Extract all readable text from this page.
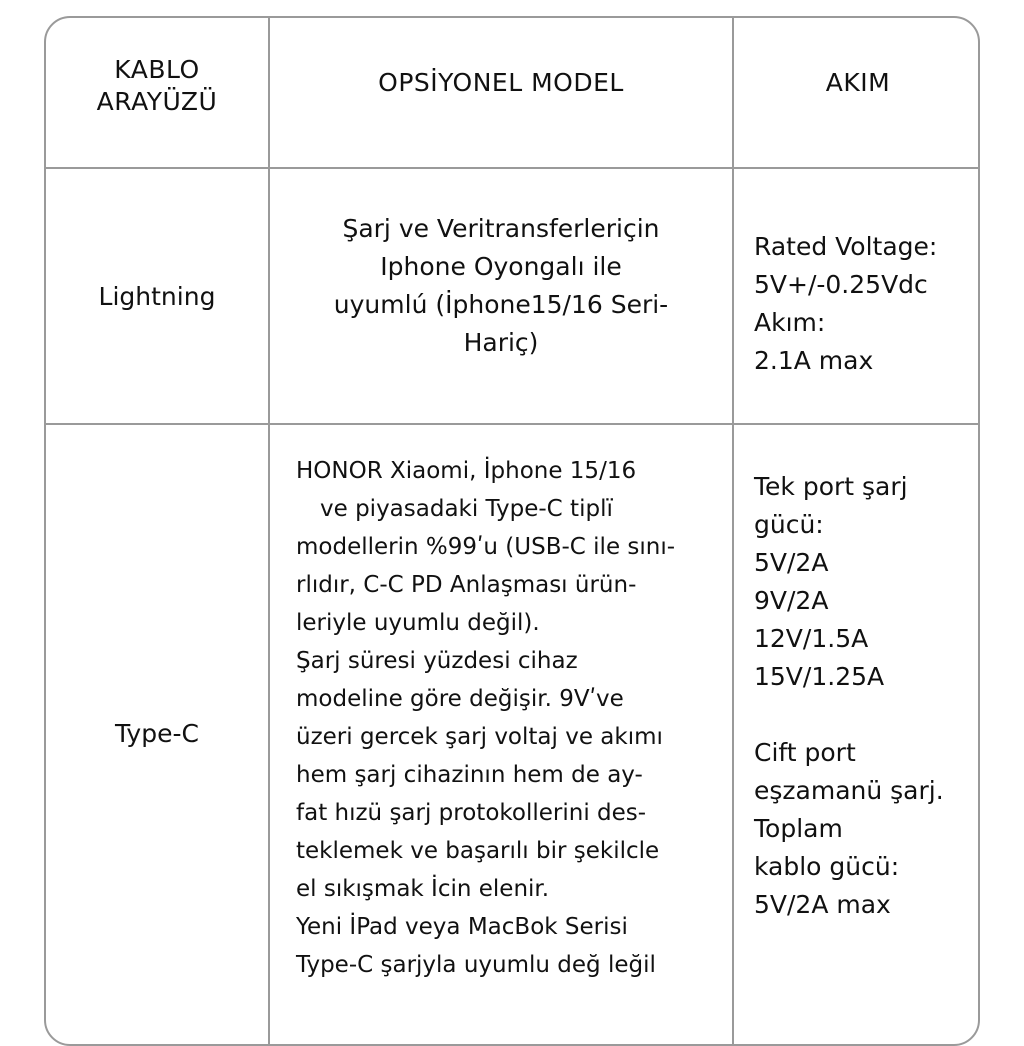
KABLO
ARAYÜZÜ
OPSİYONEL MODEL	AKIM
Lightning
Şarj ve Veritransferleriçin
Iphone Oyongalı ile
uyumlú (İphone15/16 Seri-
Hariç)
Rated Voltage:
5V+/-0.25Vdc
Akım:
2.1A max
Type-C
HONOR Xiaomi, İphone 15/16
ve piyasadaki Type-C tiplı̈
modellerin %99ʹu (USB-C ile sını-
rlıdır, C-C PD Anlaşması ürün-
leriyle uyumlu değil).
Şarj süresi yüzdesi cihaz
modeline göre değişir. 9Vʹve
üzeri gercek şarj voltaj ve akımı
hem şarj cihazinın hem de ay-
fat hızü şarj protokollerini des-
teklemek ve başarılı bir şekilcle
el sıkışmak İcin elenir.
Yeni İPad veya MacBok Serisi
Type-C şarjyla uyumlu değ leğil
Tek port şarj
gücü:
5V/2A
9V/2A
12V/1.5A
15V/1.25A
Cift port
eşzamanü şarj.
Toplam
kablo gücü:
5V/2A max
